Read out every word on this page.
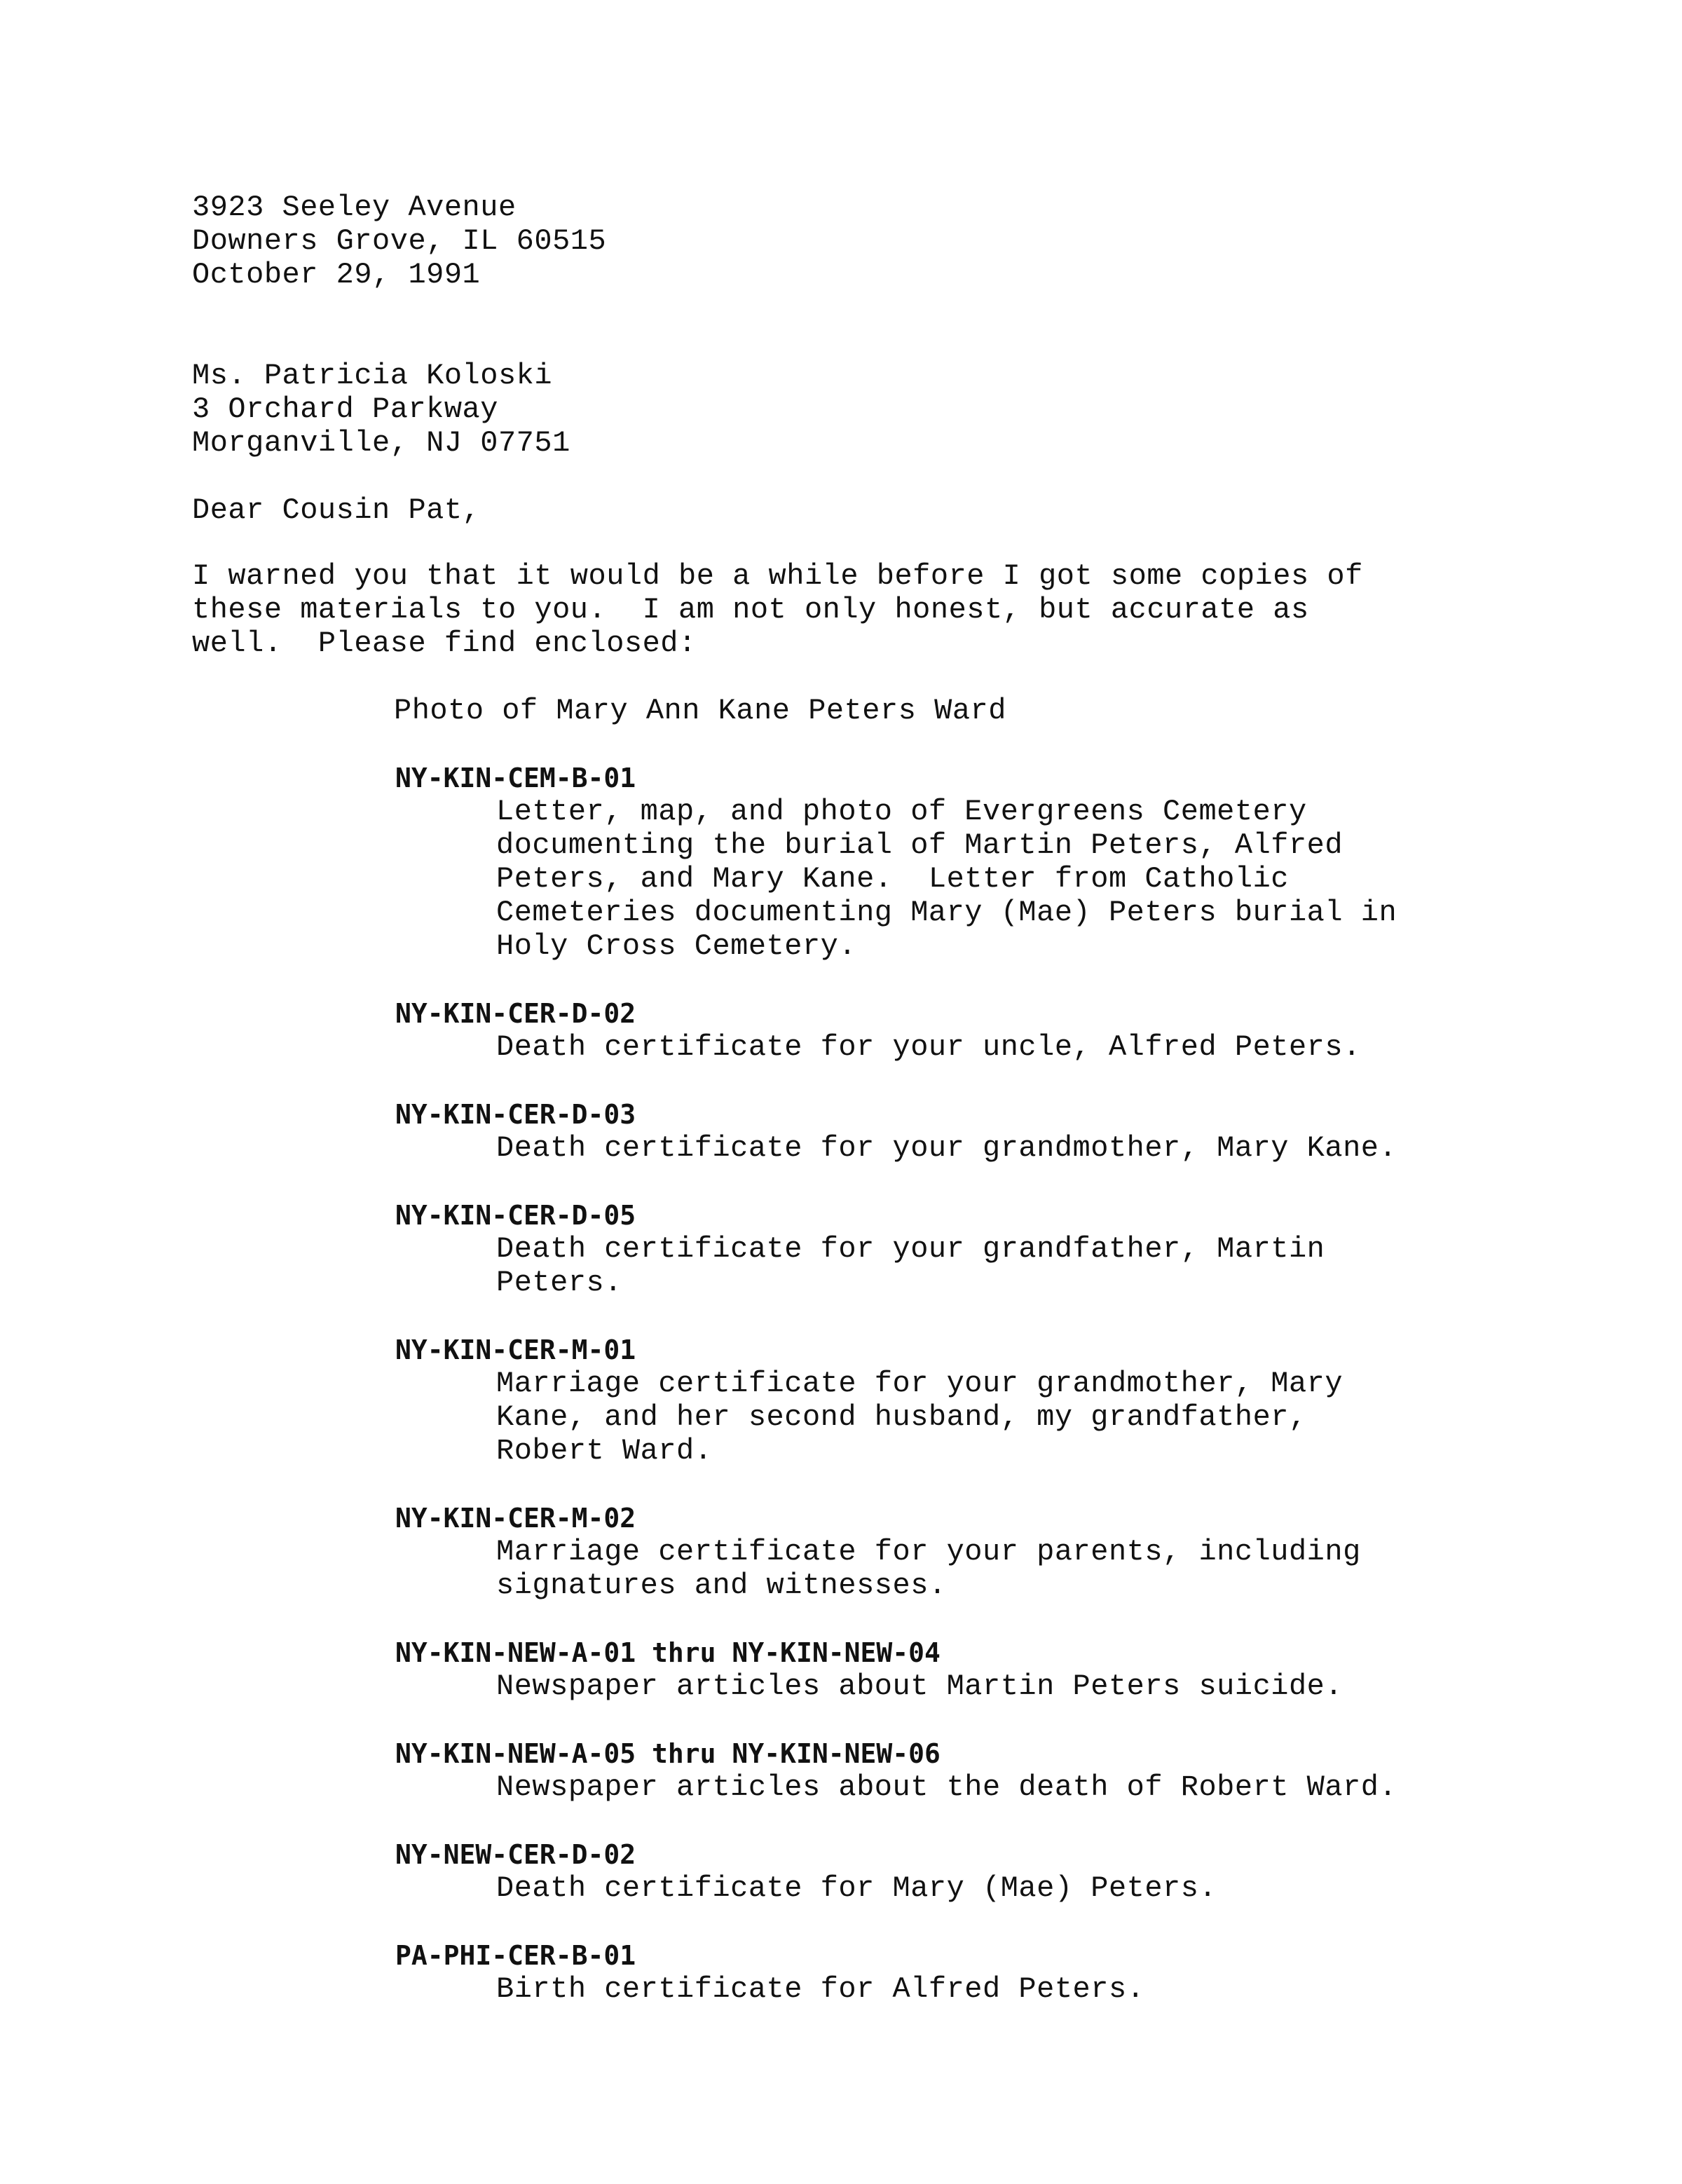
3923 Seeley Avenue
Downers Grove, IL 60515
October 29, 1991
Ms. Patricia Koloski
3 Orchard Parkway
Morganville, NJ 07751
Dear Cousin Pat,
I warned you that it would be a while before I got some copies of
these materials to you.  I am not only honest, but accurate as
well.  Please find enclosed:
Photo of Mary Ann Kane Peters Ward
NY-KIN-CEM-B-01
Letter, map, and photo of Evergreens Cemetery
documenting the burial of Martin Peters, Alfred
Peters, and Mary Kane.  Letter from Catholic
Cemeteries documenting Mary (Mae) Peters burial in
Holy Cross Cemetery.
NY-KIN-CER-D-02
Death certificate for your uncle, Alfred Peters.
NY-KIN-CER-D-03
Death certificate for your grandmother, Mary Kane.
NY-KIN-CER-D-05
Death certificate for your grandfather, Martin
Peters.
NY-KIN-CER-M-01
Marriage certificate for your grandmother, Mary
Kane, and her second husband, my grandfather,
Robert Ward.
NY-KIN-CER-M-02
Marriage certificate for your parents, including
signatures and witnesses.
NY-KIN-NEW-A-01 thru NY-KIN-NEW-04
Newspaper articles about Martin Peters suicide.
NY-KIN-NEW-A-05 thru NY-KIN-NEW-06
Newspaper articles about the death of Robert Ward.
NY-NEW-CER-D-02
Death certificate for Mary (Mae) Peters.
PA-PHI-CER-B-01
Birth certificate for Alfred Peters.
